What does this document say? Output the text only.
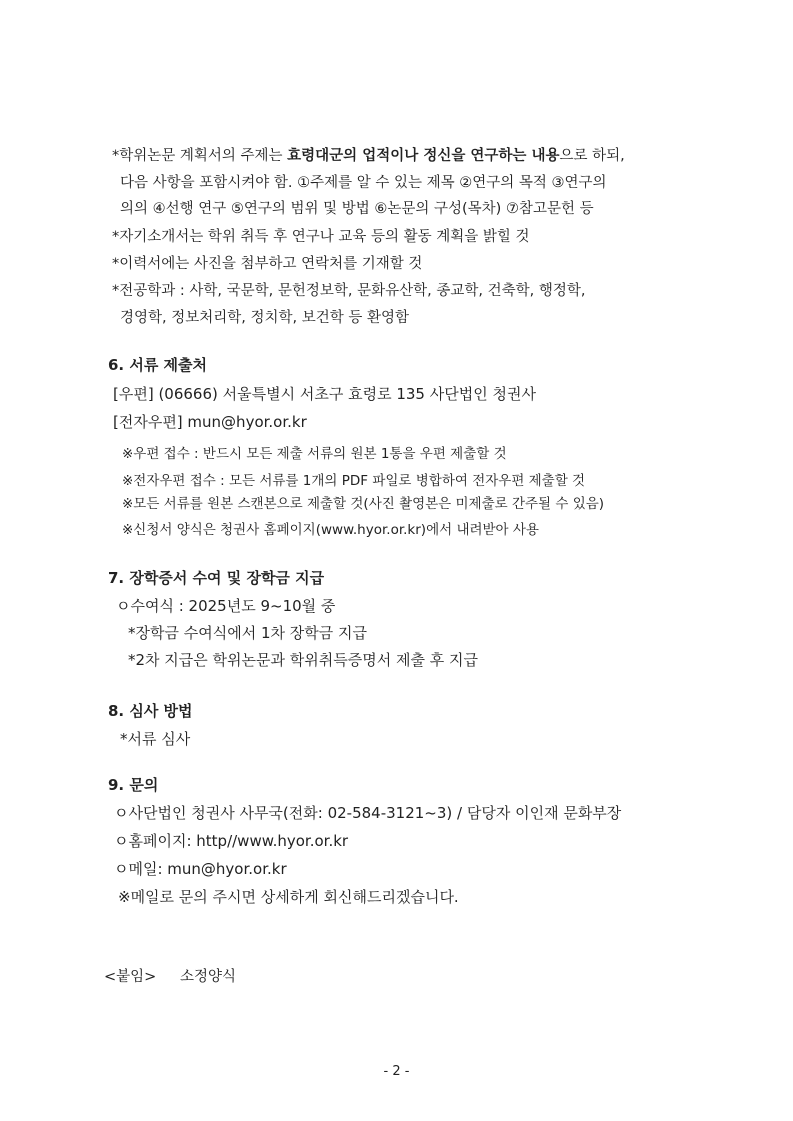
*학위논문 계획서의 주제는 효령대군의 업적이나 정신을 연구하는 내용으로 하되,
다음 사항을 포함시켜야 함. ①주제를 알 수 있는 제목 ②연구의 목적 ③연구의
의의 ④선행 연구 ⑤연구의 범위 및 방법 ⑥논문의 구성(목차) ⑦참고문헌 등
*자기소개서는 학위 취득 후 연구나 교육 등의 활동 계획을 밝힐 것
*이력서에는 사진을 첨부하고 연락처를 기재할 것
*전공학과 : 사학, 국문학, 문헌정보학, 문화유산학, 종교학, 건축학, 행정학,
경영학, 정보처리학, 정치학, 보건학 등 환영함
6. 서류 제출처
[우편] (06666) 서울특별시 서초구 효령로 135 사단법인 청권사
[전자우편] mun@hyor.or.kr
※우편 접수 : 반드시 모든 제출 서류의 원본 1통을 우편 제출할 것
※전자우편 접수 : 모든 서류를 1개의 PDF 파일로 병합하여 전자우편 제출할 것
※모든 서류를 원본 스캔본으로 제출할 것(사진 촬영본은 미제출로 간주될 수 있음)
※신청서 양식은 청권사 홈페이지(www.hyor.or.kr)에서 내려받아 사용
7. 장학증서 수여 및 장학금 지급
ㅇ수여식 : 2025년도 9~10월 중
*장학금 수여식에서 1차 장학금 지급
*2차 지급은 학위논문과 학위취득증명서 제출 후 지급
8. 심사 방법
*서류 심사
9. 문의
ㅇ사단법인 청권사 사무국(전화: 02-584-3121~3) / 담당자 이인재 문화부장
ㅇ홈페이지: http//www.hyor.or.kr
ㅇ메일: mun@hyor.or.kr
※메일로 문의 주시면 상세하게 회신해드리겠습니다.
<붙임> 소정양식
- 2 -
